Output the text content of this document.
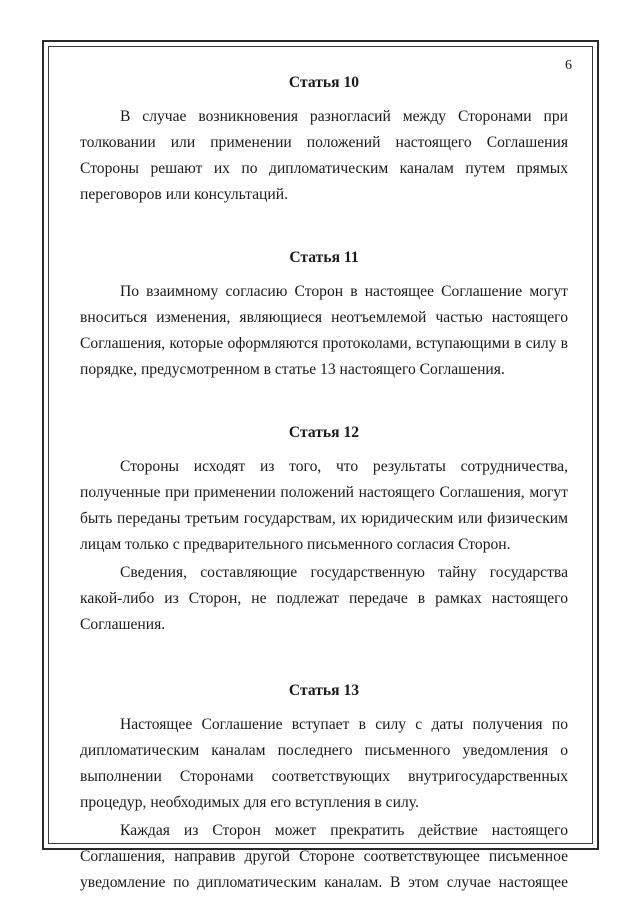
6
Статья 10

В случае возникновения разногласий между Сторонами при толковании или применении положений настоящего Соглашения Стороны решают их по дипломатическим каналам путем прямых переговоров или консультаций.

Статья 11

По взаимному согласию Сторон в настоящее Соглашение могут вноситься изменения, являющиеся неотъемлемой частью настоящего Соглашения, которые оформляются протоколами, вступающими в силу в порядке, предусмотренном в статье 13 настоящего Соглашения.

Статья 12

Стороны исходят из того, что результаты сотрудничества, полученные при применении положений настоящего Соглашения, могут быть переданы третьим государствам, их юридическим или физическим лицам только с предварительного письменного согласия Сторон.

Сведения, составляющие государственную тайну государства какой-либо из Сторон, не подлежат передаче в рамках настоящего Соглашения.

Статья 13

Настоящее Соглашение вступает в силу с даты получения по дипломатическим каналам последнего письменного уведомления о выполнении Сторонами соответствующих внутригосударственных процедур, необходимых для его вступления в силу.

Каждая из Сторон может прекратить действие настоящего Соглашения, направив другой Стороне соответствующее письменное уведомление по дипломатическим каналам. В этом случае настоящее
